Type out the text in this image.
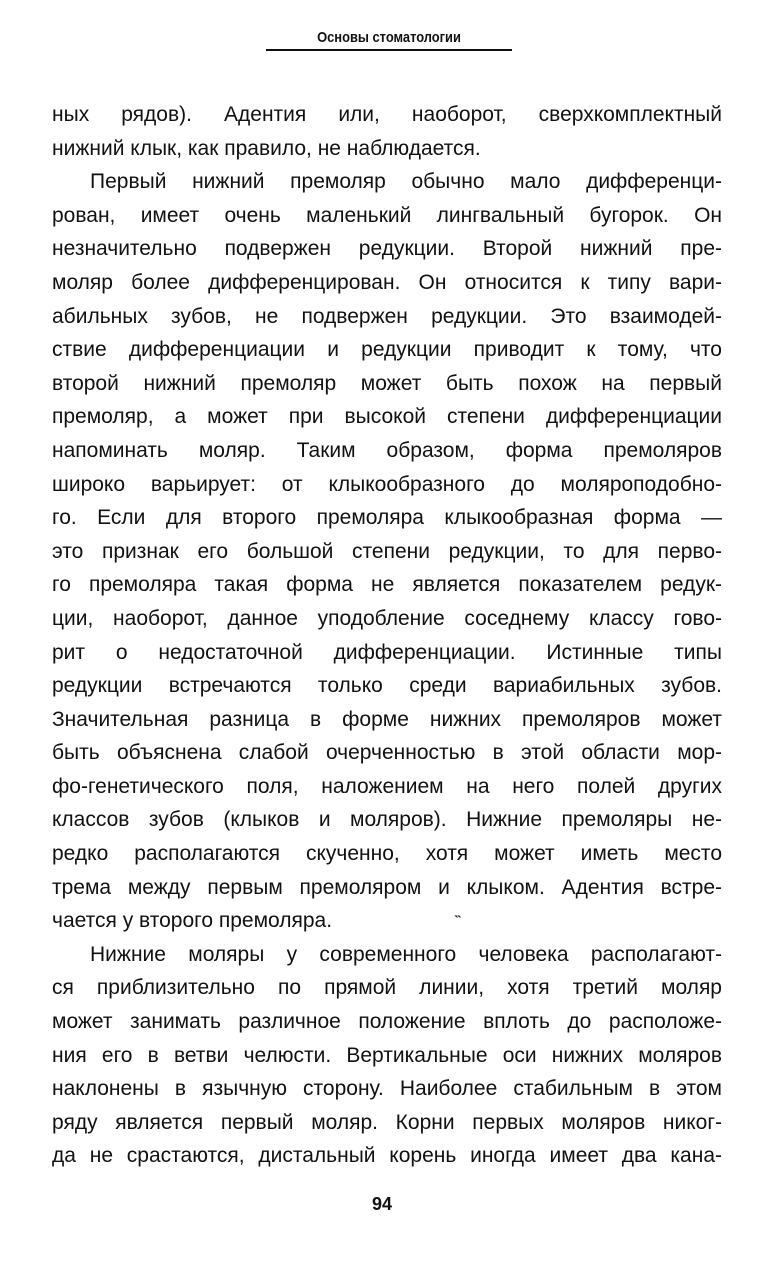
Основы стоматологии
ных рядов). Адентия или, наоборот, сверхкомплектный
нижний клык, как правило, не наблюдается.
Первый нижний премоляр обычно мало дифференци-
рован, имеет очень маленький лингвальный бугорок. Он
незначительно подвержен редукции. Второй нижний пре-
моляр более дифференцирован. Он относится к типу вари-
абильных зубов, не подвержен редукции. Это взаимодей-
ствие дифференциации и редукции приводит к тому, что
второй нижний премоляр может быть похож на первый
премоляр, а может при высокой степени дифференциации
напоминать моляр. Таким образом, форма премоляров
широко варьирует: от клыкообразного до моляроподобно-
го. Если для второго премоляра клыкообразная форма —
это признак его большой степени редукции, то для перво-
го премоляра такая форма не является показателем редук-
ции, наоборот, данное уподобление соседнему классу гово-
рит о недостаточной дифференциации. Истинные типы
редукции встречаются только среди вариабильных зубов.
Значительная разница в форме нижних премоляров может
быть объяснена слабой очерченностью в этой области мор-
фо-генетического поля, наложением на него полей других
классов зубов (клыков и моляров). Нижние премоляры не-
редко располагаются скученно, хотя может иметь место
трема между первым премоляром и клыком. Адентия встре-
чается у второго премоляра.
Нижние моляры у современного человека располагают-
ся приблизительно по прямой линии, хотя третий моляр
может занимать различное положение вплоть до расположе-
ния его в ветви челюсти. Вертикальные оси нижних моляров
наклонены в язычную сторону. Наиболее стабильным в этом
ряду является первый моляр. Корни первых моляров никог-
да не срастаются, дистальный корень иногда имеет два кана-
˵
94
